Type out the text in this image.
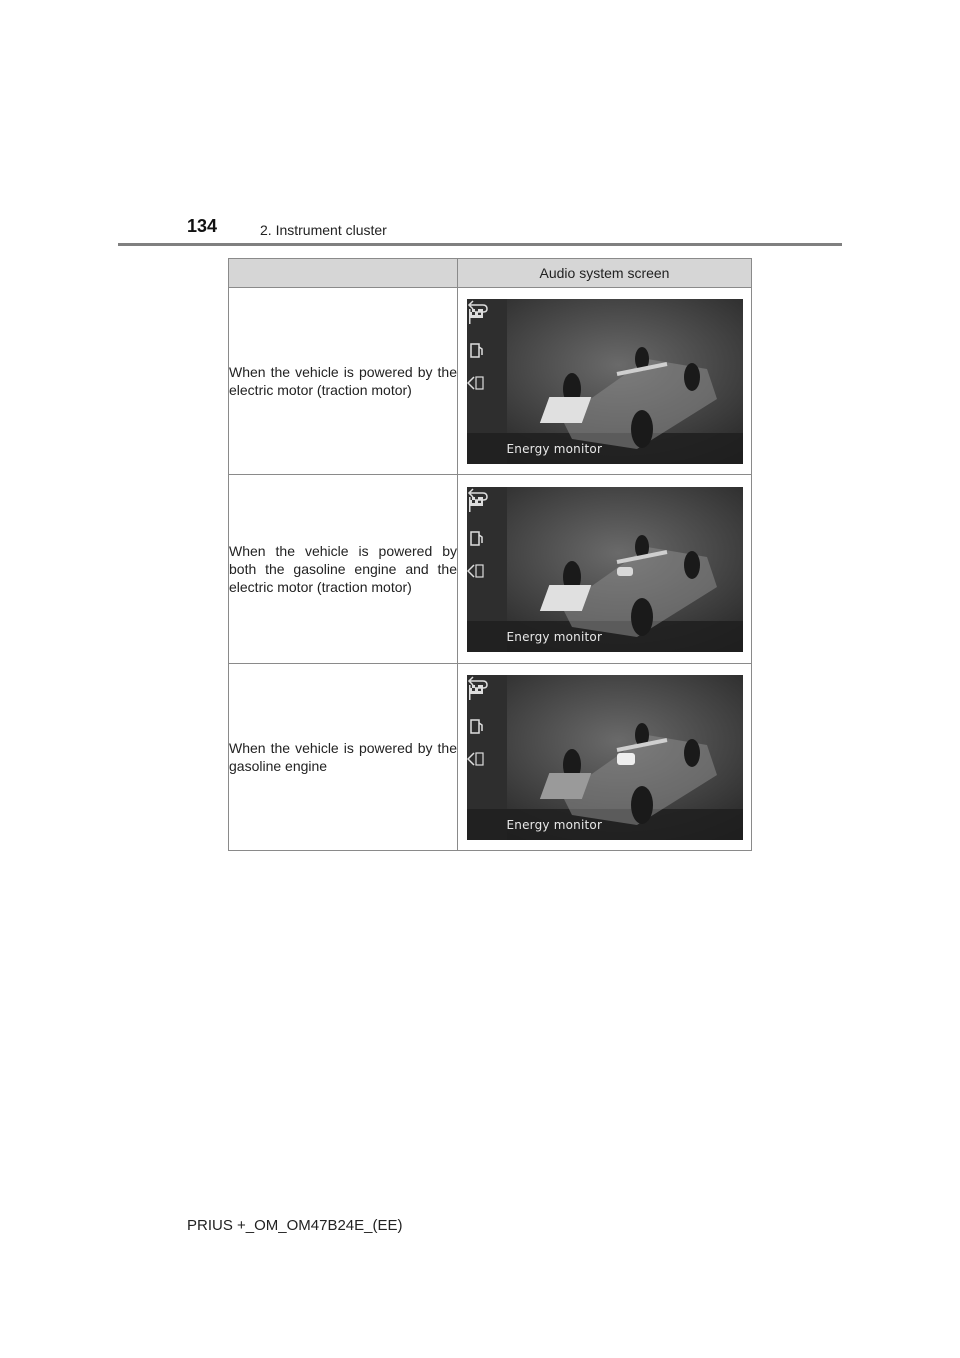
134	2. Instrument cluster
	Audio system screen
When the vehicle is powered by the electric motor (traction motor)	Energy monitor

When the vehicle is powered by both the gasoline engine and the electric motor (traction motor)	Energy monitor

When the vehicle is powered by the gasoline engine	Energy monitor
PRIUS +_OM_OM47B24E_(EE)
